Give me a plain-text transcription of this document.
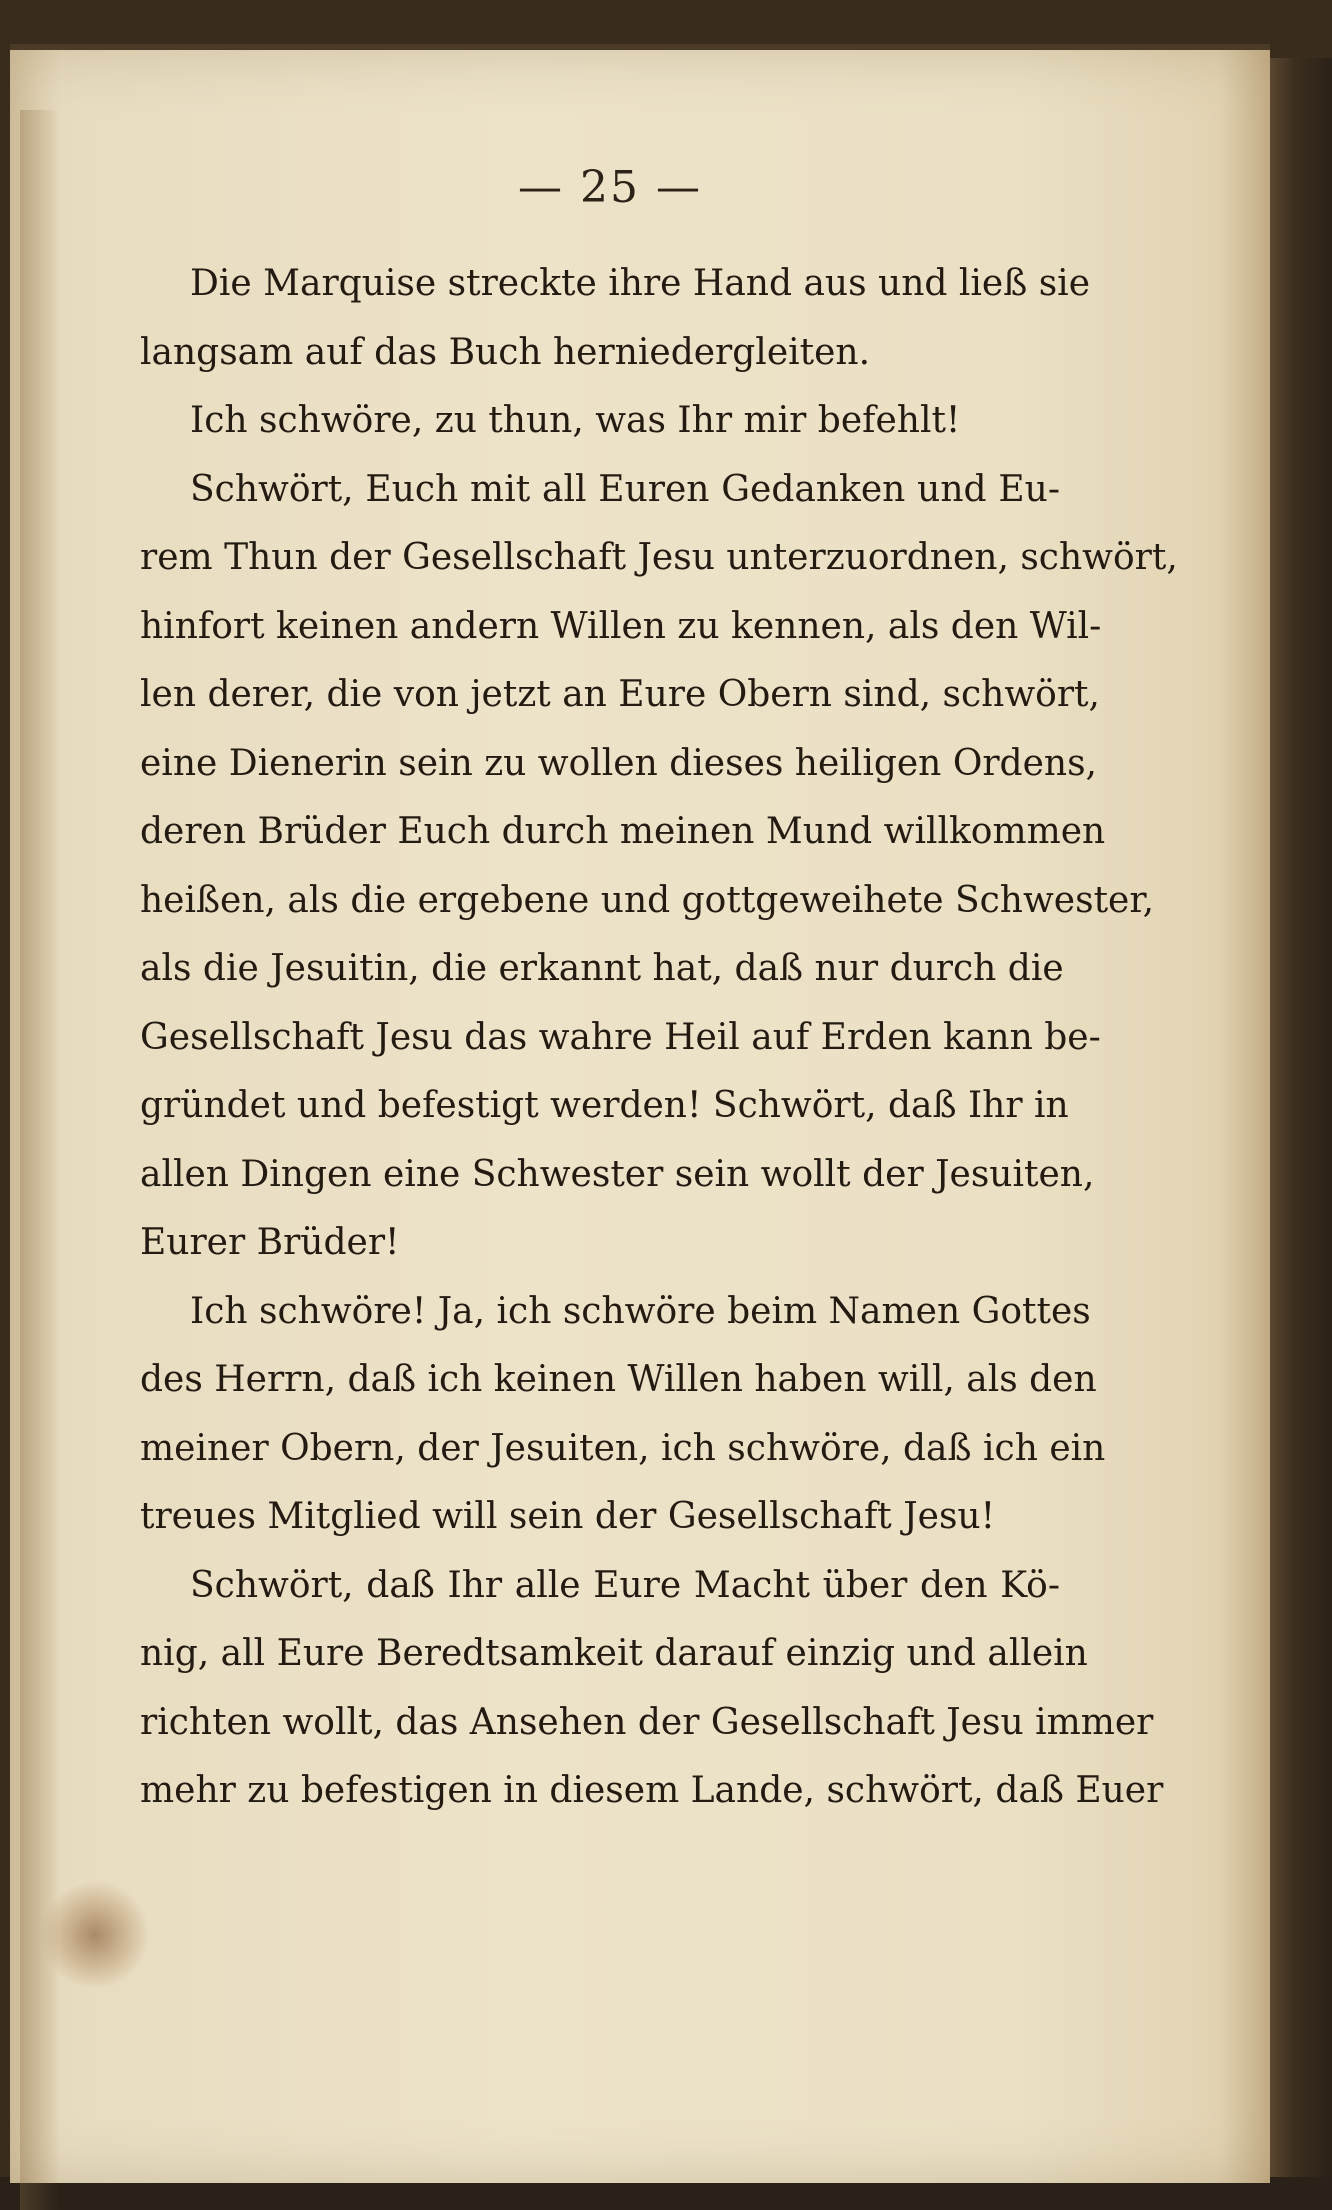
— 25 —
Die Marquise streckte ihre Hand aus und ließ sie
langsam auf das Buch herniedergleiten.
Ich schwöre, zu thun, was Ihr mir befehlt!
Schwört, Euch mit all Euren Gedanken und Eu-
rem Thun der Gesellschaft Jesu unterzuordnen, schwört,
hinfort keinen andern Willen zu kennen, als den Wil-
len derer, die von jetzt an Eure Obern sind, schwört,
eine Dienerin sein zu wollen dieses heiligen Ordens,
deren Brüder Euch durch meinen Mund willkommen
heißen, als die ergebene und gottgeweihete Schwester,
als die Jesuitin, die erkannt hat, daß nur durch die
Gesellschaft Jesu das wahre Heil auf Erden kann be-
gründet und befestigt werden! Schwört, daß Ihr in
allen Dingen eine Schwester sein wollt der Jesuiten,
Eurer Brüder!
Ich schwöre! Ja, ich schwöre beim Namen Gottes
des Herrn, daß ich keinen Willen haben will, als den
meiner Obern, der Jesuiten, ich schwöre, daß ich ein
treues Mitglied will sein der Gesellschaft Jesu!
Schwört, daß Ihr alle Eure Macht über den Kö-
nig, all Eure Beredtsamkeit darauf einzig und allein
richten wollt, das Ansehen der Gesellschaft Jesu immer
mehr zu befestigen in diesem Lande, schwört, daß Euer
